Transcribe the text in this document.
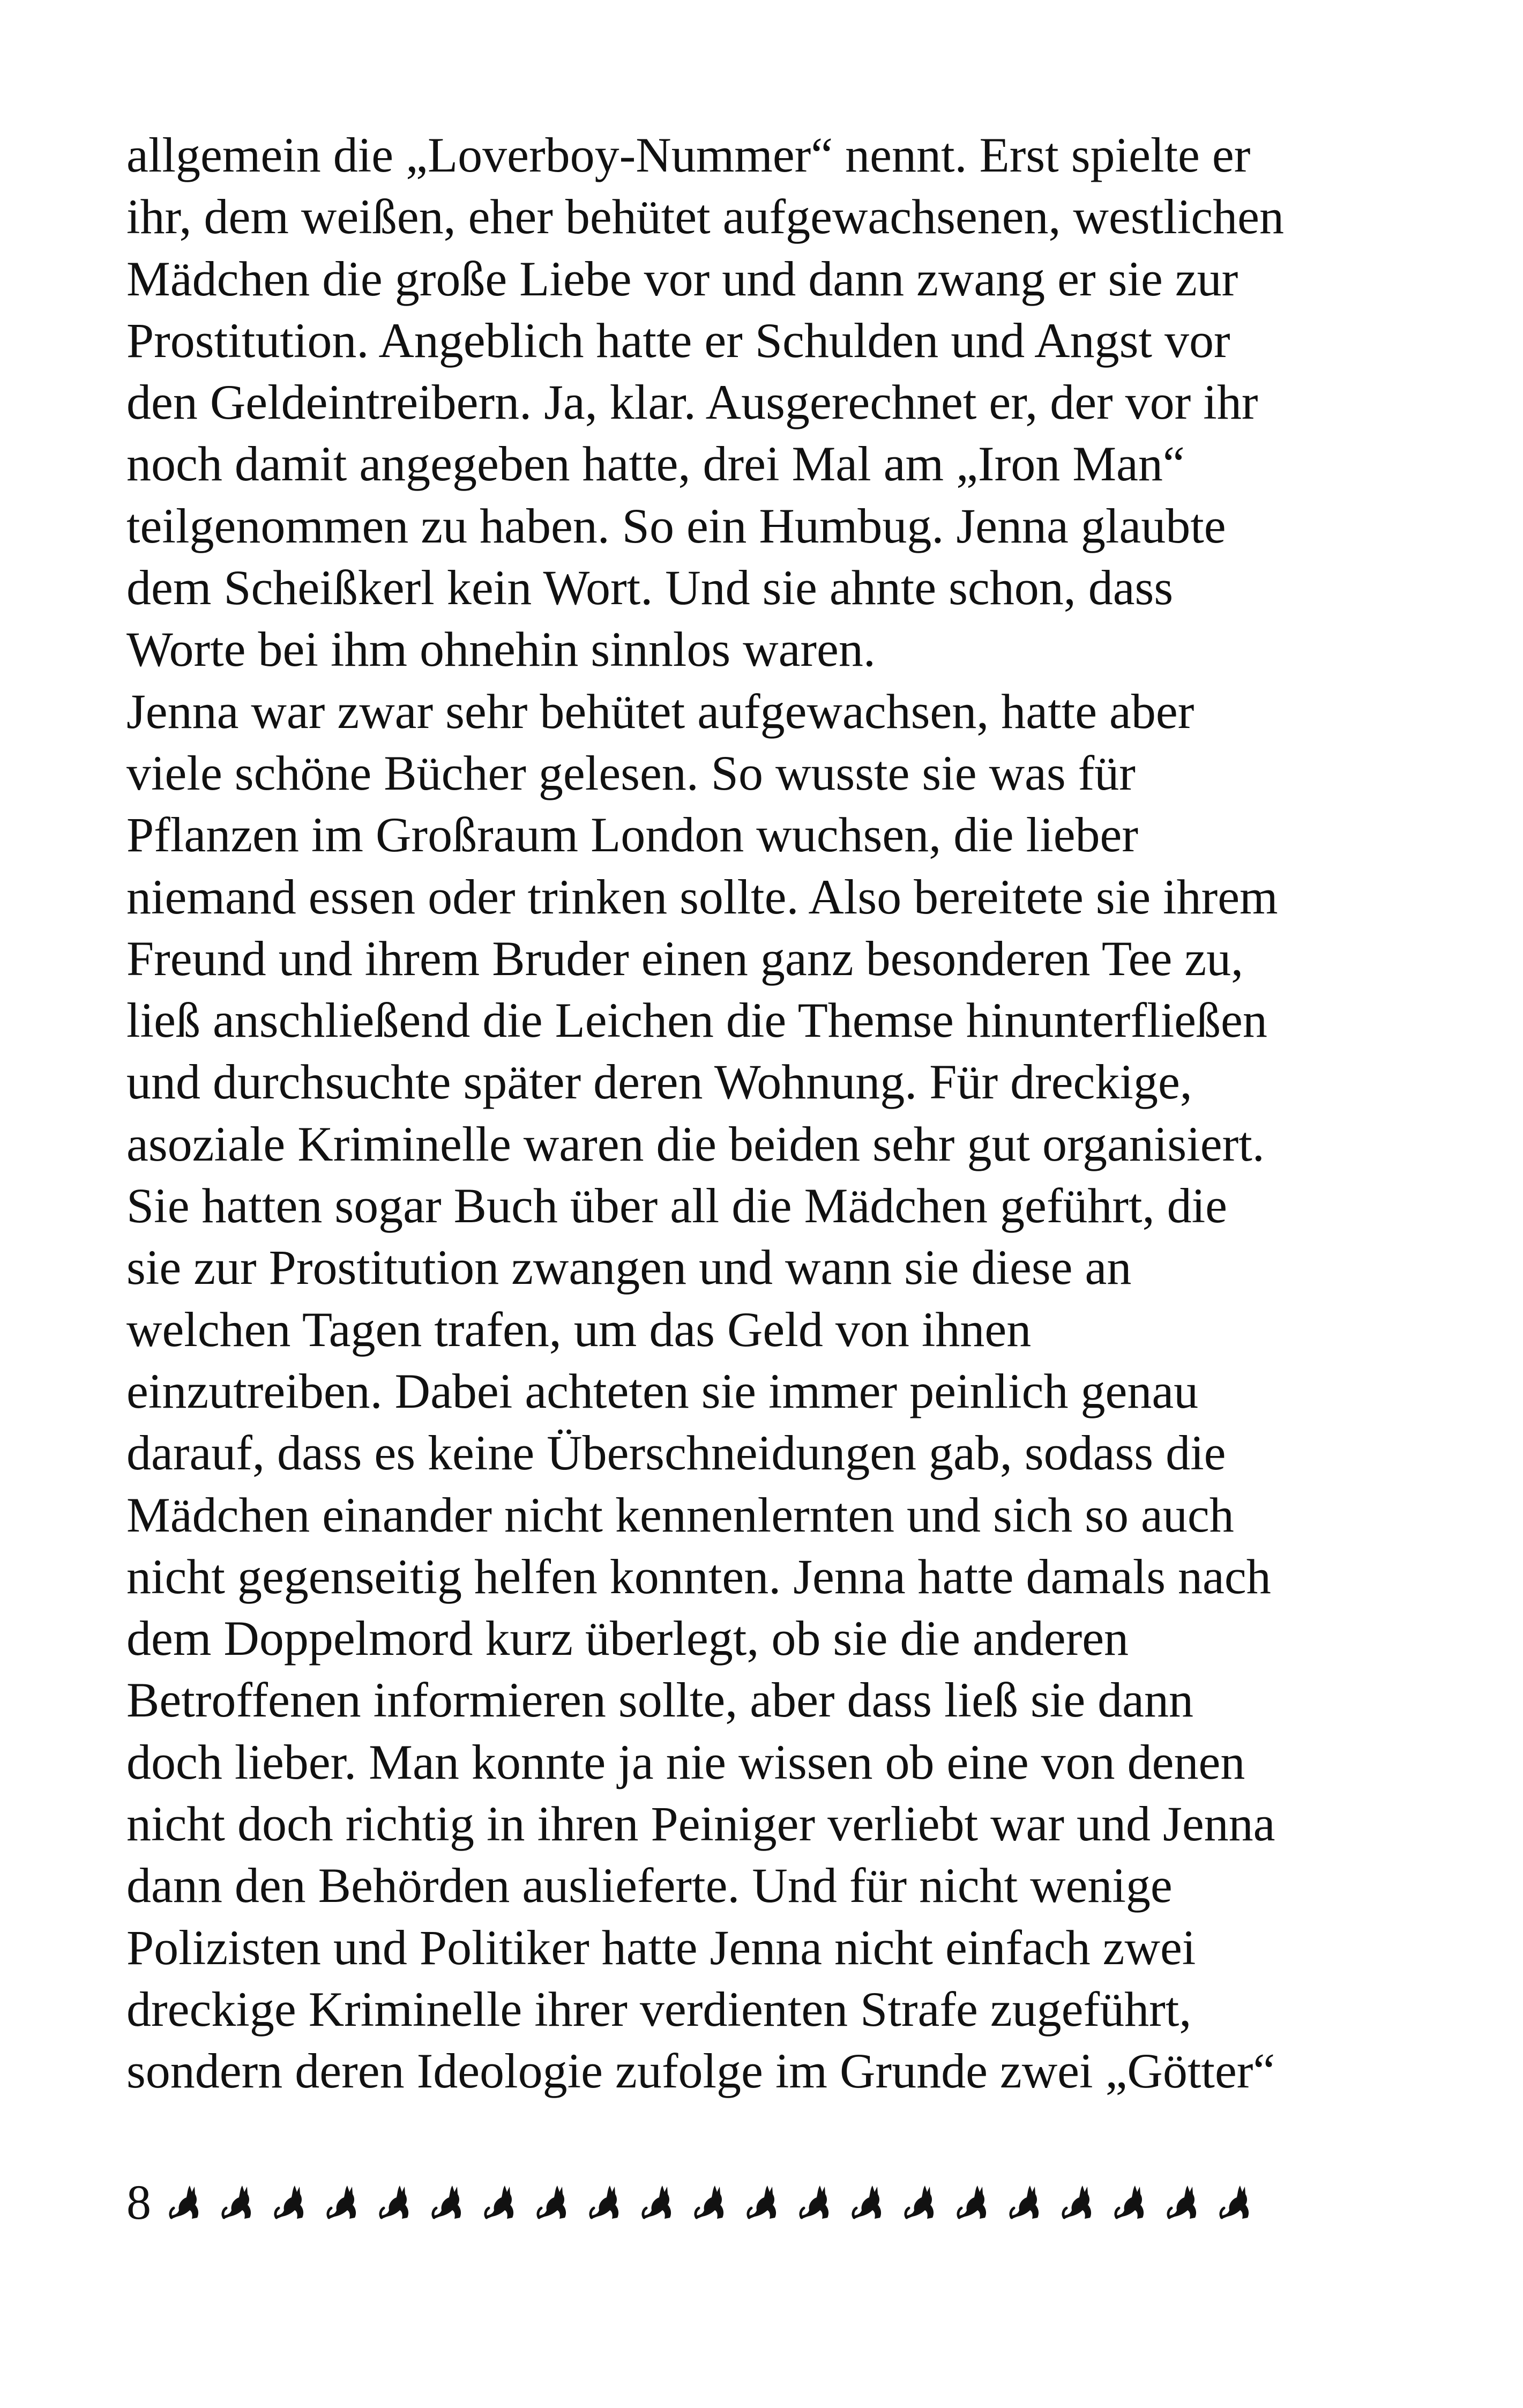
allgemein die „Loverboy-Nummer“ nennt. Erst spielte er
ihr, dem weißen, eher behütet aufgewachsenen, westlichen
Mädchen die große Liebe vor und dann zwang er sie zur
Prostitution. Angeblich hatte er Schulden und Angst vor
den Geldeintreibern. Ja, klar. Ausgerechnet er, der vor ihr
noch damit angegeben hatte, drei Mal am „Iron Man“
teilgenommen zu haben. So ein Humbug. Jenna glaubte
dem Scheißkerl kein Wort. Und sie ahnte schon, dass
Worte bei ihm ohnehin sinnlos waren.
Jenna war zwar sehr behütet aufgewachsen, hatte aber
viele schöne Bücher gelesen. So wusste sie was für
Pflanzen im Großraum London wuchsen, die lieber
niemand essen oder trinken sollte. Also bereitete sie ihrem
Freund und ihrem Bruder einen ganz besonderen Tee zu,
ließ anschließend die Leichen die Themse hinunterfließen
und durchsuchte später deren Wohnung. Für dreckige,
asoziale Kriminelle waren die beiden sehr gut organisiert.
Sie hatten sogar Buch über all die Mädchen geführt, die
sie zur Prostitution zwangen und wann sie diese an
welchen Tagen trafen, um das Geld von ihnen
einzutreiben. Dabei achteten sie immer peinlich genau
darauf, dass es keine Überschneidungen gab, sodass die
Mädchen einander nicht kennenlernten und sich so auch
nicht gegenseitig helfen konnten. Jenna hatte damals nach
dem Doppelmord kurz überlegt, ob sie die anderen
Betroffenen informieren sollte, aber dass ließ sie dann
doch lieber. Man konnte ja nie wissen ob eine von denen
nicht doch richtig in ihren Peiniger verliebt war und Jenna
dann den Behörden auslieferte. Und für nicht wenige
Polizisten und Politiker hatte Jenna nicht einfach zwei
dreckige Kriminelle ihrer verdienten Strafe zugeführt,
sondern deren Ideologie zufolge im Grunde zwei „Götter“
8
